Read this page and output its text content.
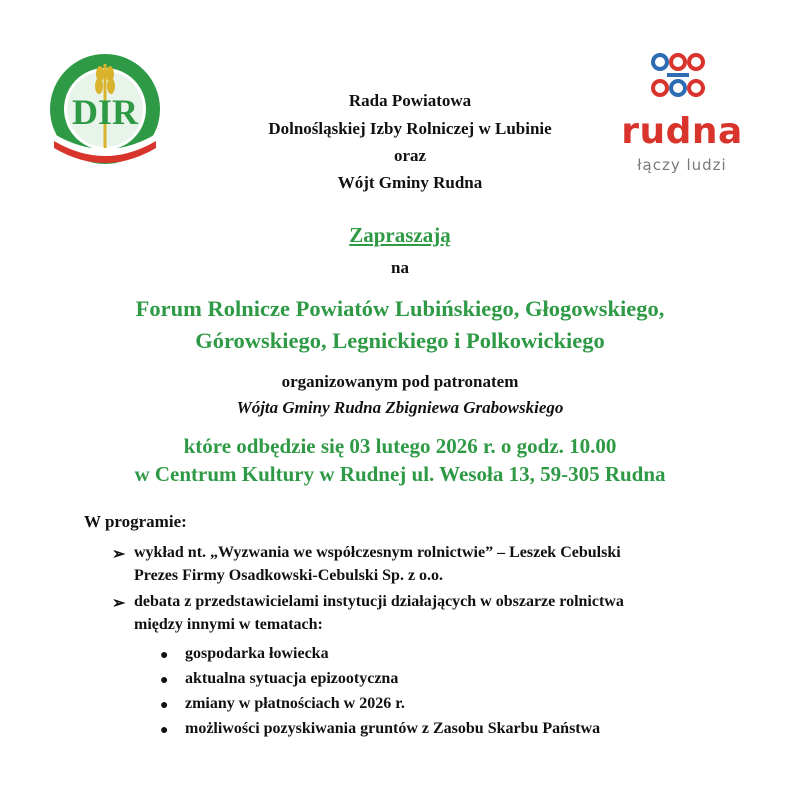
DIR	rudna
łączy ludzi
Rada Powiatowa
Dolnośląskiej Izby Rolniczej w Lubinie
oraz
Wójt Gminy Rudna
Zapraszają
na
Forum Rolnicze Powiatów Lubińskiego, Głogowskiego,
Górowskiego, Legnickiego i Polkowickiego
organizowanym pod patronatem
Wójta Gminy Rudna Zbigniewa Grabowskiego
które odbędzie się 03 lutego 2026 r. o godz. 10.00
w Centrum Kultury w Rudnej ul. Wesoła 13, 59-305 Rudna
W programie:
➢ wykład nt. „Wyzwania we współczesnym rolnictwie” – Leszek Cebulski
Prezes Firmy Osadkowski-Cebulski Sp. z o.o.
➢ debata z przedstawicielami instytucji działających w obszarze rolnictwa
między innymi w tematach:
● gospodarka łowiecka
● aktualna sytuacja epizootyczna
● zmiany w płatnościach w 2026 r.
● możliwości pozyskiwania gruntów z Zasobu Skarbu Państwa
